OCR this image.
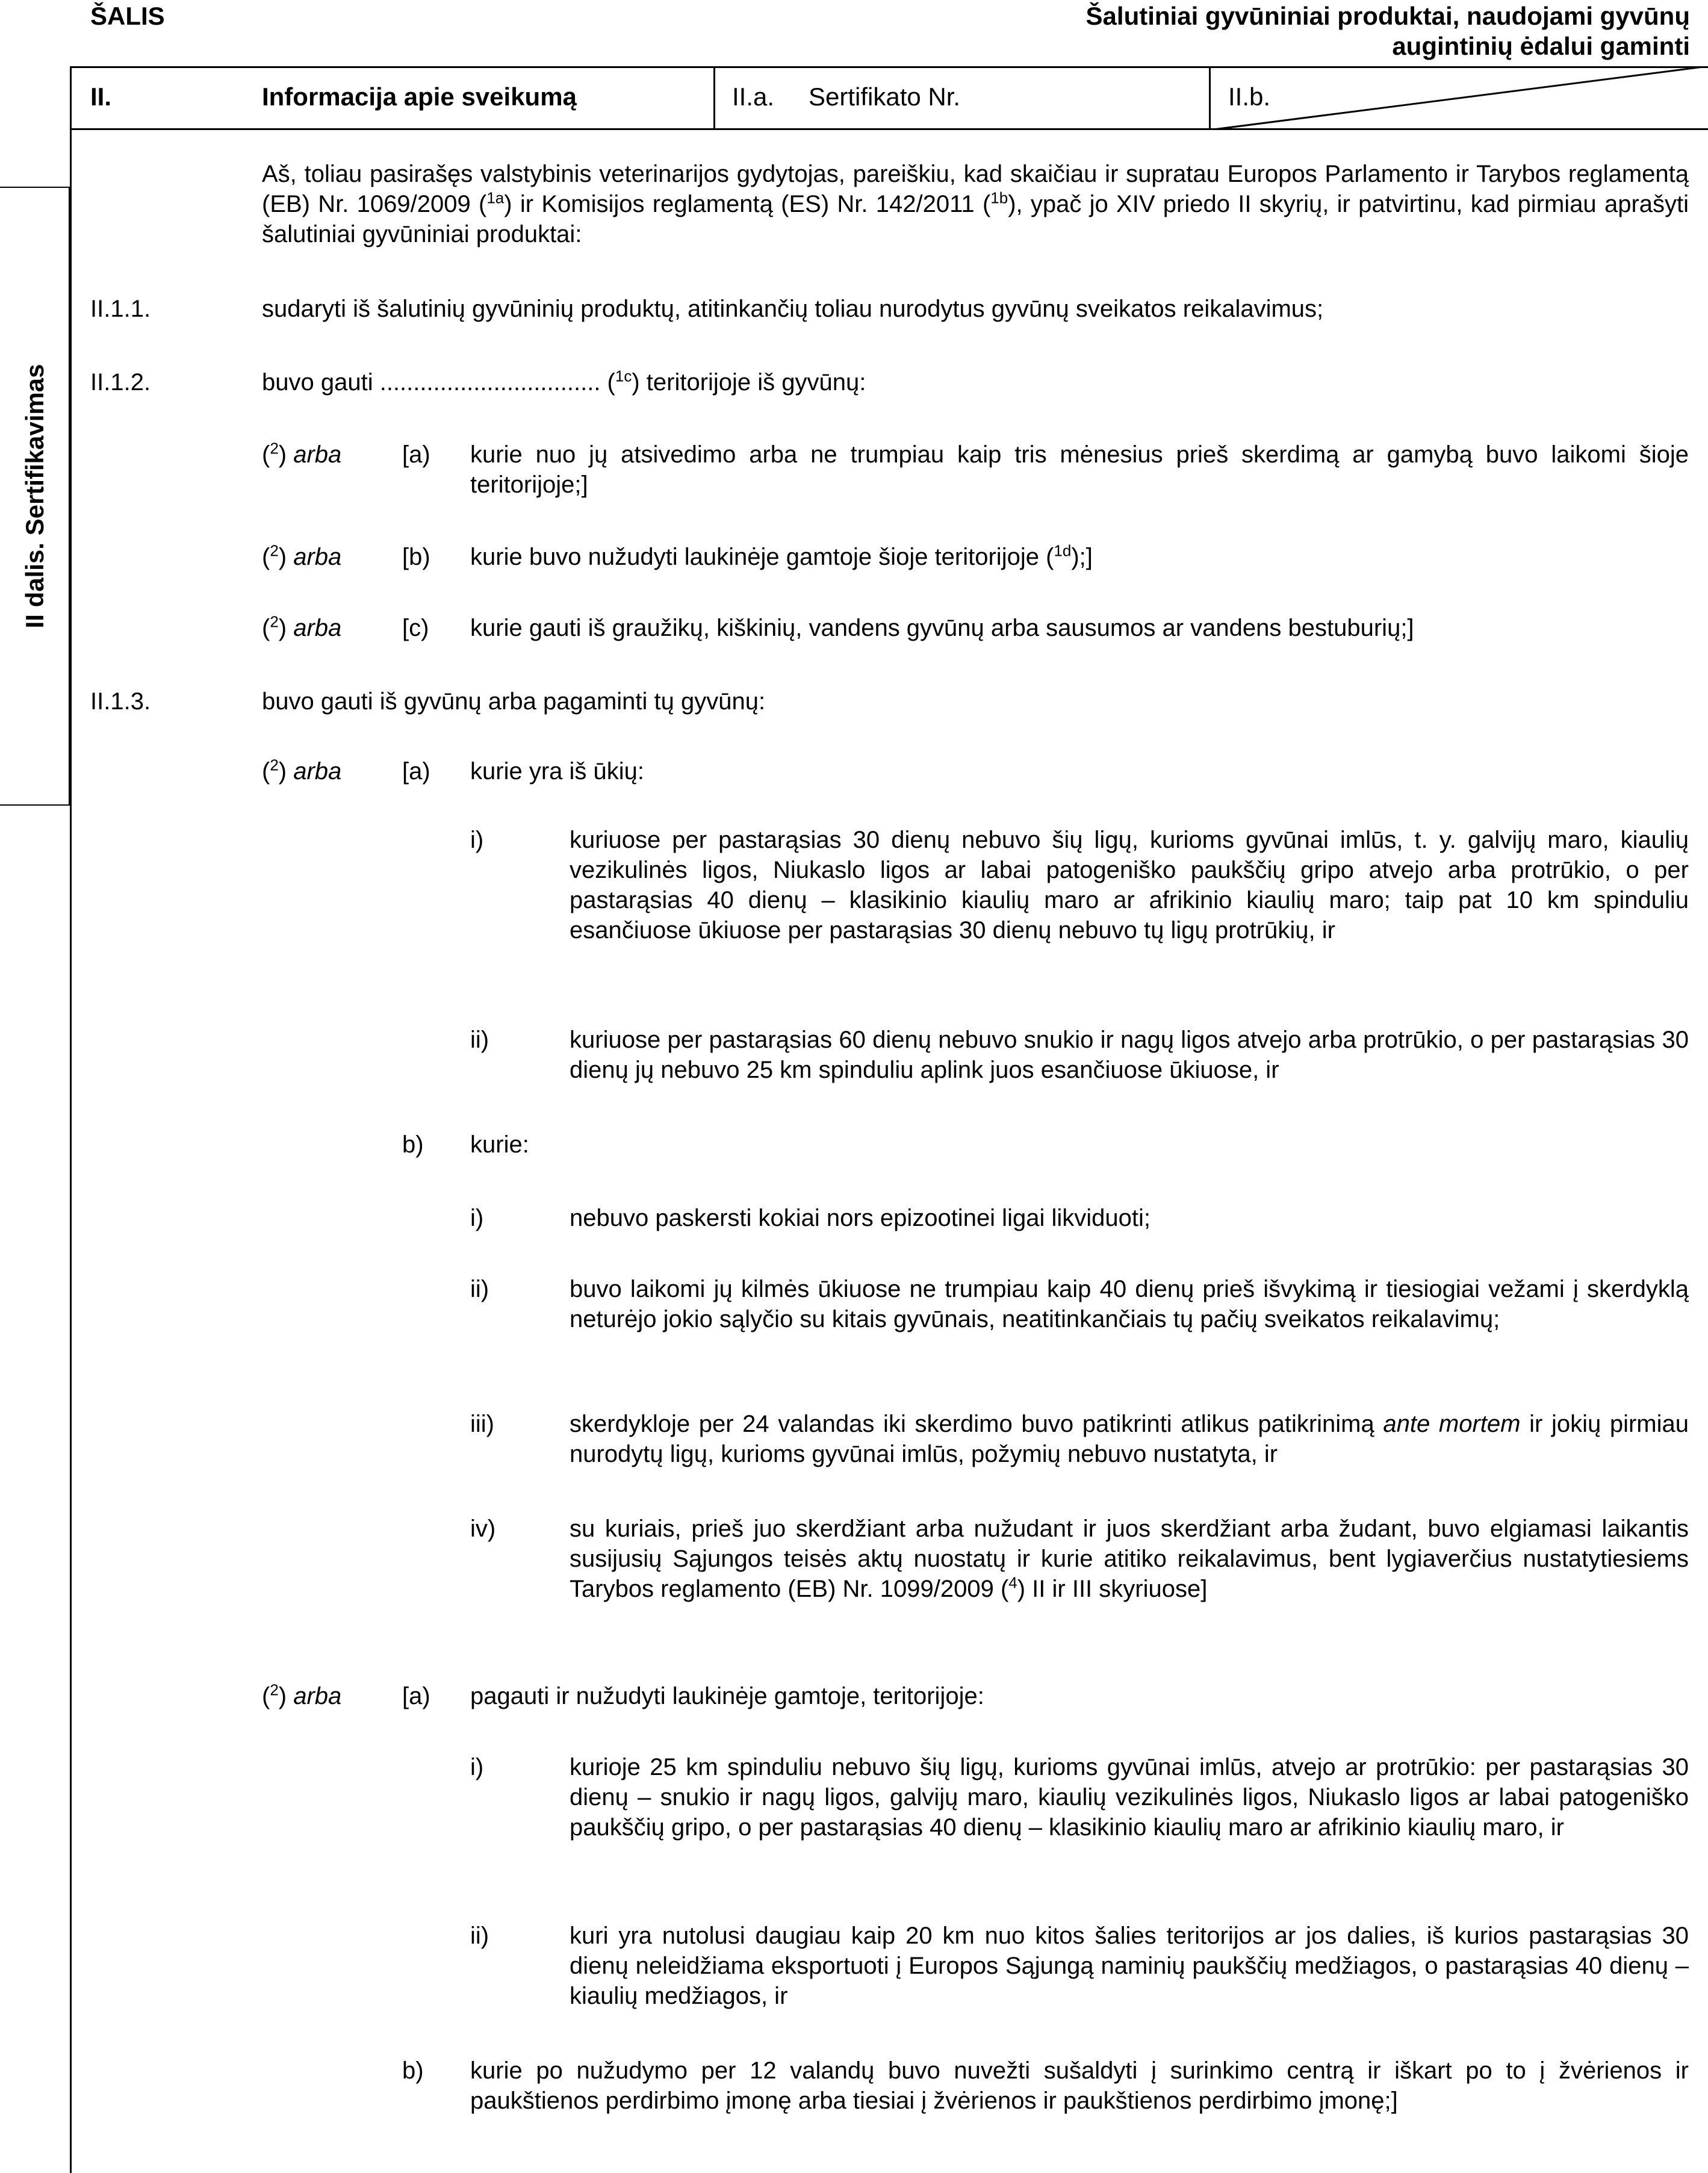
ŠALIS	Šalutiniai gyvūniniai produktai, naudojami gyvūnų
augintinių ėdalui gaminti
II.	Informacija apie sveikumą	II.a. Sertifikato Nr.	II.b.
II dalis. Sertifikavimas
Aš, toliau pasirašęs valstybinis veterinarijos gydytojas, pareiškiu, kad skaičiau ir supratau Europos Parlamento ir Tarybos reglamentą (EB) Nr. 1069/2009 ($^{1a}$) ir Komisijos reglamentą (ES) Nr. 142/2011 ($^{1b}$), ypač jo XIV priedo II skyrių, ir patvirtinu, kad pirmiau aprašyti šalutiniai gyvūniniai produktai:
II.1.1.	sudaryti iš šalutinių gyvūninių produktų, atitinkančių toliau nurodytus gyvūnų sveikatos reikalavimus;
II.1.2.	buvo gauti ................................. ($^{1c}$) teritorijoje iš gyvūnų:
($^2$) arba	[a) kurie nuo jų atsivedimo arba ne trumpiau kaip tris mėnesius prieš skerdimą ar gamybą buvo laikomi šioje teritorijoje;]
($^2$) arba	[b) kurie buvo nužudyti laukinėje gamtoje šioje teritorijoje ($^{1d}$);]
($^2$) arba	[c) kurie gauti iš graužikų, kiškinių, vandens gyvūnų arba sausumos ar vandens bestuburių;]
II.1.3.	buvo gauti iš gyvūnų arba pagaminti tų gyvūnų:
($^2$) arba	[a) kurie yra iš ūkių:
i)	kuriuose per pastarąsias 30 dienų nebuvo šių ligų, kurioms gyvūnai imlūs, t. y. galvijų maro, kiaulių vezikulinės ligos, Niukaslo ligos ar labai patogeniško paukščių gripo atvejo arba protrūkio, o per pastarąsias 40 dienų – klasikinio kiaulių maro ar afrikinio kiaulių maro; taip pat 10 km spinduliu esančiuose ūkiuose per pastarąsias 30 dienų nebuvo tų ligų protrūkių, ir
ii)	kuriuose per pastarąsias 60 dienų nebuvo snukio ir nagų ligos atvejo arba protrūkio, o per pastarąsias 30 dienų jų nebuvo 25 km spinduliu aplink juos esančiuose ūkiuose, ir
b) kurie:
i)	nebuvo paskersti kokiai nors epizootinei ligai likviduoti;
ii)	buvo laikomi jų kilmės ūkiuose ne trumpiau kaip 40 dienų prieš išvykimą ir tiesiogiai vežami į skerdyklą neturėjo jokio sąlyčio su kitais gyvūnais, neatitinkančiais tų pačių sveikatos reikalavimų;
iii)	skerdykloje per 24 valandas iki skerdimo buvo patikrinti atlikus patikrinimą ante mortem ir jokių pirmiau nurodytų ligų, kurioms gyvūnai imlūs, požymių nebuvo nustatyta, ir
iv)	su kuriais, prieš juo skerdžiant arba nužudant ir juos skerdžiant arba žudant, buvo elgiamasi laikantis susijusių Sąjungos teisės aktų nuostatų ir kurie atitiko reikalavimus, bent lygiaverčius nustatytiesiems Tarybos reglamento (EB) Nr. 1099/2009 ($^4$) II ir III skyriuose]
($^2$) arba	[a) pagauti ir nužudyti laukinėje gamtoje, teritorijoje:
i)	kurioje 25 km spinduliu nebuvo šių ligų, kurioms gyvūnai imlūs, atvejo ar protrūkio: per pastarąsias 30 dienų – snukio ir nagų ligos, galvijų maro, kiaulių vezikulinės ligos, Niukaslo ligos ar labai patogeniško paukščių gripo, o per pastarąsias 40 dienų – klasikinio kiaulių maro ar afrikinio kiaulių maro, ir
ii)	kuri yra nutolusi daugiau kaip 20 km nuo kitos šalies teritorijos ar jos dalies, iš kurios pastarąsias 30 dienų neleidžiama eksportuoti į Europos Sąjungą naminių paukščių medžiagos, o pastarąsias 40 dienų – kiaulių medžiagos, ir
b) kurie po nužudymo per 12 valandų buvo nuvežti sušaldyti į surinkimo centrą ir iškart po to į žvėrienos ir paukštienos perdirbimo įmonę arba tiesiai į žvėrienos ir paukštienos perdirbimo įmonę;]
